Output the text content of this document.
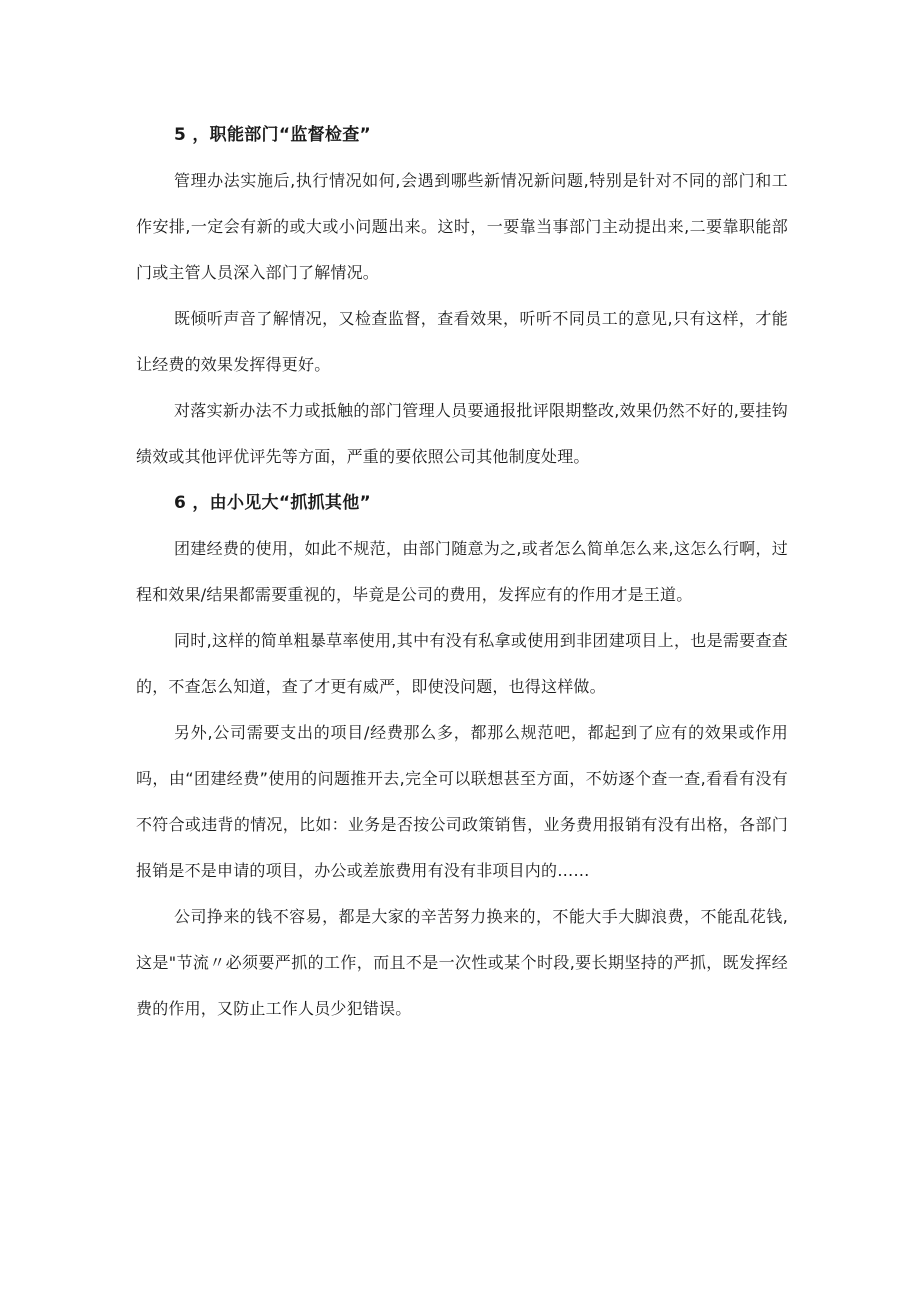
5 ，职能部门“监督检查”

管理办法实施后,执行情况如何,会遇到哪些新情况新问题,特别是针对不同的部门和工作安排,一定会有新的或大或小问题出来。这时，一要靠当事部门主动提出来,二要靠职能部门或主管人员深入部门了解情况。

既倾听声音了解情况，又检查监督，查看效果，听听不同员工的意见,只有这样，才能让经费的效果发挥得更好。

对落实新办法不力或抵触的部门管理人员要通报批评限期整改,效果仍然不好的,要挂钩绩效或其他评优评先等方面，严重的要依照公司其他制度处理。

6 ，由小见大“抓抓其他”

团建经费的使用，如此不规范，由部门随意为之,或者怎么简单怎么来,这怎么行啊，过程和效果/结果都需要重视的，毕竟是公司的费用，发挥应有的作用才是王道。

同时,这样的简单粗暴草率使用,其中有没有私拿或使用到非团建项目上，也是需要查查的，不查怎么知道，查了才更有威严，即使没问题，也得这样做。

另外,公司需要支出的项目/经费那么多，都那么规范吧，都起到了应有的效果或作用吗，由“团建经费”使用的问题推开去,完全可以联想甚至方面，不妨逐个查一查,看看有没有不符合或违背的情况，比如：业务是否按公司政策销售，业务费用报销有没有出格，各部门报销是不是申请的项目，办公或差旅费用有没有非项目内的……

公司挣来的钱不容易，都是大家的辛苦努力换来的，不能大手大脚浪费，不能乱花钱,这是"节流〃必须要严抓的工作，而且不是一次性或某个时段,要长期坚持的严抓，既发挥经费的作用，又防止工作人员少犯错误。
